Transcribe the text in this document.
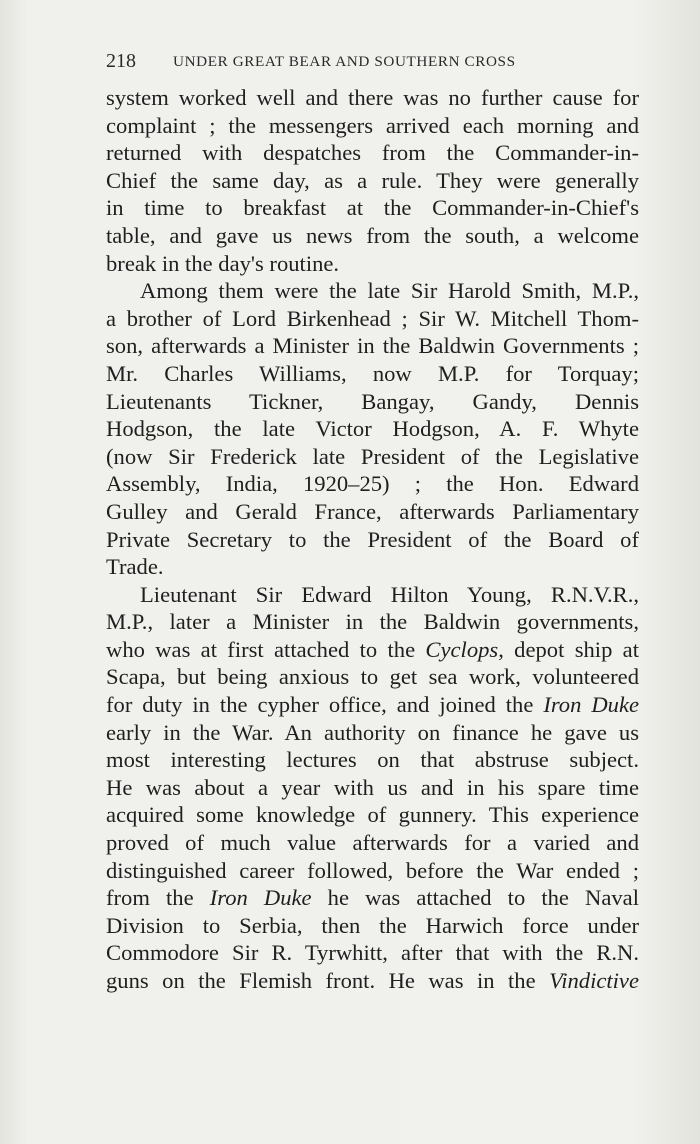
218 UNDER GREAT BEAR AND SOUTHERN CROSS
system worked well and there was no further cause for
complaint ; the messengers arrived each morning and
returned with despatches from the Commander-in-
Chief the same day, as a rule. They were generally
in time to breakfast at the Commander-in-Chief's
table, and gave us news from the south, a welcome
break in the day's routine.
Among them were the late Sir Harold Smith, M.P.,
a brother of Lord Birkenhead ; Sir W. Mitchell Thom-
son, afterwards a Minister in the Baldwin Governments ;
Mr. Charles Williams, now M.P. for Torquay;
Lieutenants Tickner, Bangay, Gandy, Dennis
Hodgson, the late Victor Hodgson, A. F. Whyte
(now Sir Frederick late President of the Legislative
Assembly, India, 1920–25) ; the Hon. Edward
Gulley and Gerald France, afterwards Parliamentary
Private Secretary to the President of the Board of
Trade.
Lieutenant Sir Edward Hilton Young, R.N.V.R.,
M.P., later a Minister in the Baldwin governments,
who was at first attached to the Cyclops, depot ship at
Scapa, but being anxious to get sea work, volunteered
for duty in the cypher office, and joined the Iron Duke
early in the War. An authority on finance he gave us
most interesting lectures on that abstruse subject.
He was about a year with us and in his spare time
acquired some knowledge of gunnery. This experience
proved of much value afterwards for a varied and
distinguished career followed, before the War ended ;
from the Iron Duke he was attached to the Naval
Division to Serbia, then the Harwich force under
Commodore Sir R. Tyrwhitt, after that with the R.N.
guns on the Flemish front. He was in the Vindictive
